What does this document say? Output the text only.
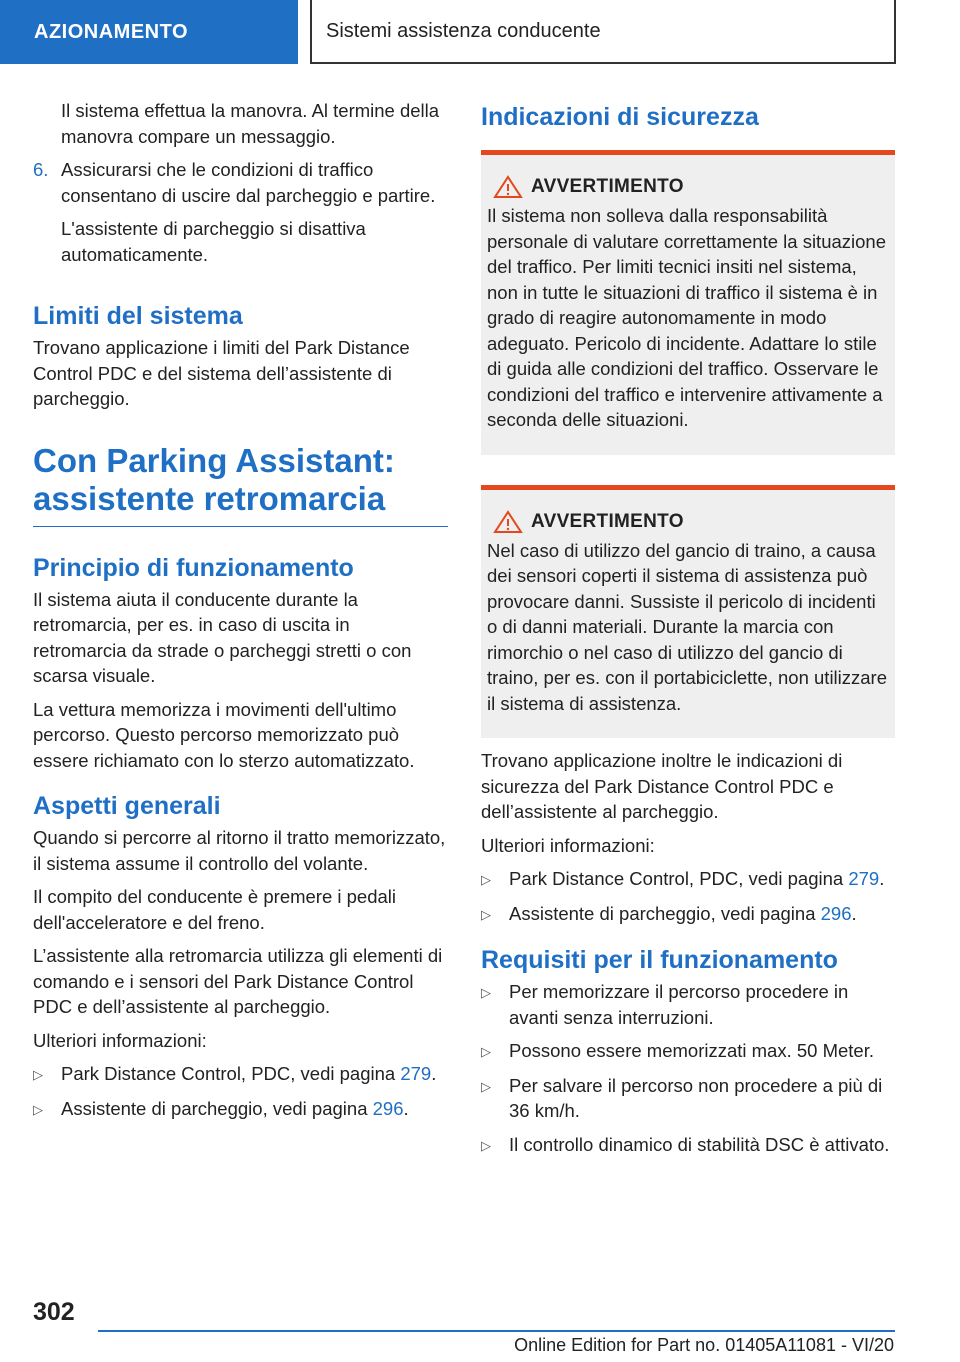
AZIONAMENTO	Sistemi assistenza conducente

Il sistema effettua la manovra. Al termine della manovra compare un messaggio.

6. Assicurarsi che le condizioni di traffico consentano di uscire dal parcheggio e partire.

L'assistente di parcheggio si disattiva automaticamente.

Limiti del sistema

Trovano applicazione i limiti del Park Distance Control PDC e del sistema dell’assistente di parcheggio.

Con Parking Assistant: assistente retromarcia
Principio di funzionamento

Il sistema aiuta il conducente durante la retromarcia, per es. in caso di uscita in retromarcia da strade o parcheggi stretti o con scarsa visuale.

La vettura memorizza i movimenti dell'ultimo percorso. Questo percorso memorizzato può essere richiamato con lo sterzo automatizzato.

Aspetti generali

Quando si percorre al ritorno il tratto memorizzato, il sistema assume il controllo del volante.

Il compito del conducente è premere i pedali dell'acceleratore e del freno.

L’assistente alla retromarcia utilizza gli elementi di comando e i sensori del Park Distance Control PDC e dell’assistente al parcheggio.

Ulteriori informazioni:

▷ Park Distance Control, PDC, vedi pagina 279.
▷ Assistente di parcheggio, vedi pagina 296.
Indicazioni di sicurezza
AVVERTIMENTO

Il sistema non solleva dalla responsabilità personale di valutare correttamente la situazione del traffico. Per limiti tecnici insiti nel sistema, non in tutte le situazioni di traffico il sistema è in grado di reagire autonomamente in modo adeguato. Pericolo di incidente. Adattare lo stile di guida alle condizioni del traffico. Osservare le condizioni del traffico e intervenire attivamente a seconda delle situazioni.

AVVERTIMENTO

Nel caso di utilizzo del gancio di traino, a causa dei sensori coperti il sistema di assistenza può provocare danni. Sussiste il pericolo di incidenti o di danni materiali. Durante la marcia con rimorchio o nel caso di utilizzo del gancio di traino, per es. con il portabiciclette, non utilizzare il sistema di assistenza.

Trovano applicazione inoltre le indicazioni di sicurezza del Park Distance Control PDC e dell’assistente al parcheggio.

Ulteriori informazioni:

▷ Park Distance Control, PDC, vedi pagina 279.
▷ Assistente di parcheggio, vedi pagina 296.
Requisiti per il funzionamento
▷ Per memorizzare il percorso procedere in avanti senza interruzioni.
▷ Possono essere memorizzati max. 50 Meter.
▷ Per salvare il percorso non procedere a più di 36 km/h.
▷ Il controllo dinamico di stabilità DSC è attivato.
302
Online Edition for Part no. 01405A11081 - VI/20
